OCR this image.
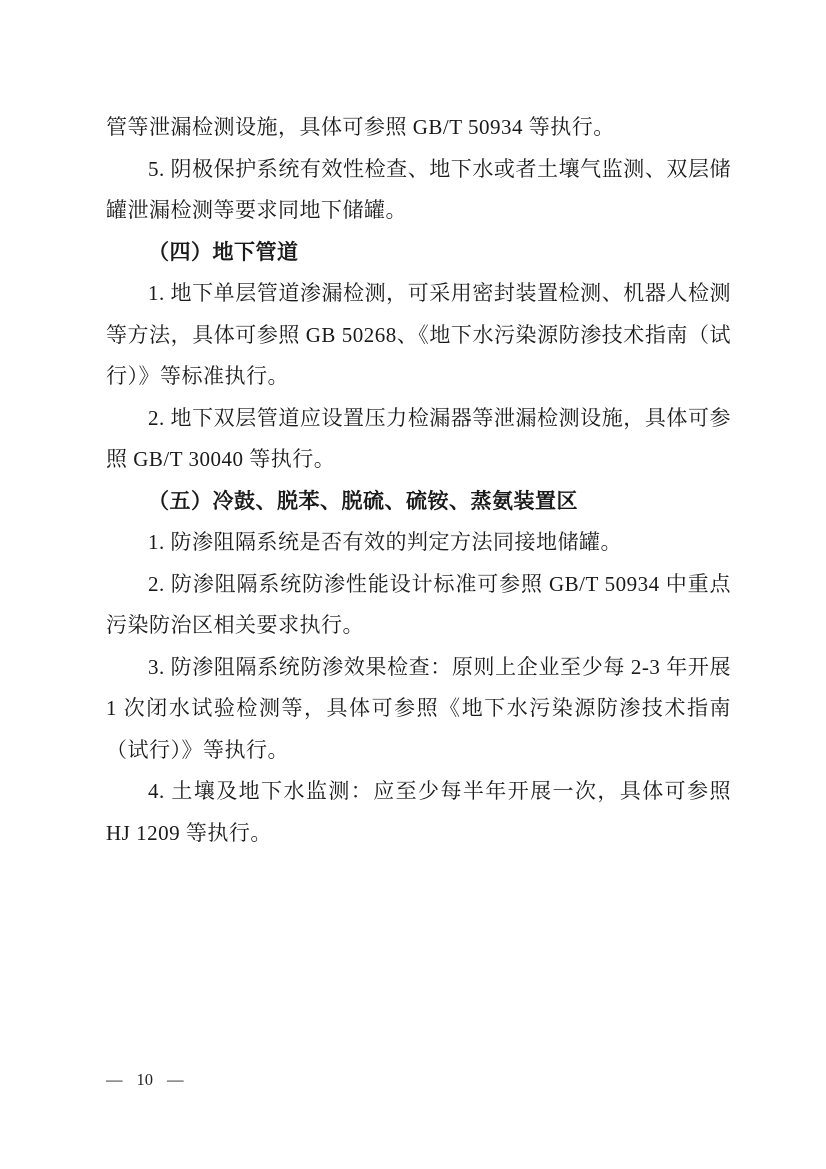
管等泄漏检测设施，具体可参照 GB/T 50934 等执行。

5. 阴极保护系统有效性检查、地下水或者土壤气监测、双层储罐泄漏检测等要求同地下储罐。

（四）地下管道

1. 地下单层管道渗漏检测，可采用密封装置检测、机器人检测等方法，具体可参照 GB 50268、《地下水污染源防渗技术指南（试行）》等标准执行。

2. 地下双层管道应设置压力检漏器等泄漏检测设施，具体可参照 GB/T 30040 等执行。

（五）冷鼓、脱苯、脱硫、硫铵、蒸氨装置区

1. 防渗阻隔系统是否有效的判定方法同接地储罐。

2. 防渗阻隔系统防渗性能设计标准可参照 GB/T 50934 中重点污染防治区相关要求执行。

3. 防渗阻隔系统防渗效果检查：原则上企业至少每 2-3 年开展 1 次闭水试验检测等，具体可参照《地下水污染源防渗技术指南（试行）》等执行。

4. 土壤及地下水监测：应至少每半年开展一次，具体可参照 HJ 1209 等执行。

— 10 —
